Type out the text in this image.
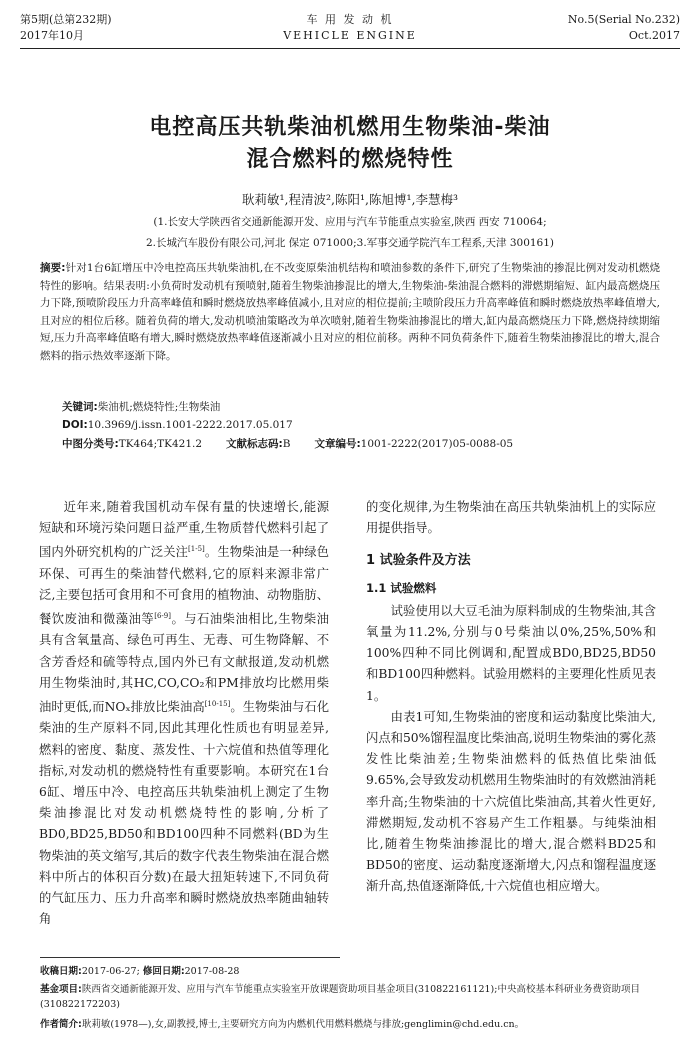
第5期(总第232期)
2017年10月
车 用 发 动 机
VEHICLE ENGINE
No.5(Serial No.232)
Oct.2017
电控高压共轨柴油机燃用生物柴油-柴油
混合燃料的燃烧特性
耿莉敏¹,程清波²,陈阳¹,陈旭博¹,李慧梅³
(1.长安大学陕西省交通新能源开发、应用与汽车节能重点实验室,陕西 西安 710064;
2.长城汽车股份有限公司,河北 保定 071000;3.军事交通学院汽车工程系,天津 300161)
摘要:针对1台6缸增压中冷电控高压共轨柴油机,在不改变原柴油机结构和喷油参数的条件下,研究了生物柴油的掺混比例对发动机燃烧特性的影响。结果表明:小负荷时发动机有预喷射,随着生物柴油掺混比的增大,生物柴油-柴油混合燃料的滞燃期缩短、缸内最高燃烧压力下降,预喷阶段压力升高率峰值和瞬时燃烧放热率峰值减小,且对应的相位提前;主喷阶段压力升高率峰值和瞬时燃烧放热率峰值增大,且对应的相位后移。随着负荷的增大,发动机喷油策略改为单次喷射,随着生物柴油掺混比的增大,缸内最高燃烧压力下降,燃烧持续期缩短,压力升高率峰值略有增大,瞬时燃烧放热率峰值逐渐减小且对应的相位前移。两种不同负荷条件下,随着生物柴油掺混比的增大,混合燃料的指示热效率逐渐下降。
关键词:柴油机;燃烧特性;生物柴油
DOI:10.3969/j.issn.1001-2222.2017.05.017
中图分类号:TK464;TK421.2 文献标志码:B 文章编号:1001-2222(2017)05-0088-05

近年来,随着我国机动车保有量的快速增长,能源短缺和环境污染问题日益严重,生物质替代燃料引起了国内外研究机构的广泛关注[1-5]。生物柴油是一种绿色环保、可再生的柴油替代燃料,它的原料来源非常广泛,主要包括可食用和不可食用的植物油、动物脂肪、餐饮废油和微藻油等[6-9]。与石油柴油相比,生物柴油具有含氧量高、绿色可再生、无毒、可生物降解、不含芳香烃和硫等特点,国内外已有文献报道,发动机燃用生物柴油时,其HC,CO,CO₂和PM排放均比燃用柴油时更低,而NOₓ排放比柴油高[10-15]。生物柴油与石化柴油的生产原料不同,因此其理化性质也有明显差异,燃料的密度、黏度、蒸发性、十六烷值和热值等理化指标,对发动机的燃烧特性有重要影响。本研究在1台6缸、增压中冷、电控高压共轨柴油机上测定了生物柴油掺混比对发动机燃烧特性的影响,分析了BD0,BD25,BD50和BD100四种不同燃料(BD为生物柴油的英文缩写,其后的数字代表生物柴油在混合燃料中所占的体积百分数)在最大扭矩转速下,不同负荷的气缸压力、压力升高率和瞬时燃烧放热率随曲轴转角

的变化规律,为生物柴油在高压共轨柴油机上的实际应用提供指导。
1 试验条件及方法
1.1 试验燃料

试验使用以大豆毛油为原料制成的生物柴油,其含氧量为11.2%,分别与0号柴油以0%,25%,50%和100%四种不同比例调和,配置成BD0,BD25,BD50和BD100四种燃料。试验用燃料的主要理化性质见表1。

由表1可知,生物柴油的密度和运动黏度比柴油大,闪点和50%馏程温度比柴油高,说明生物柴油的雾化蒸发性比柴油差;生物柴油燃料的低热值比柴油低9.65%,会导致发动机燃用生物柴油时的有效燃油消耗率升高;生物柴油的十六烷值比柴油高,其着火性更好,滞燃期短,发动机不容易产生工作粗暴。与纯柴油相比,随着生物柴油掺混比的增大,混合燃料BD25和BD50的密度、运动黏度逐渐增大,闪点和馏程温度逐渐升高,热值逐渐降低,十六烷值也相应增大。

收稿日期:2017-06-27; 修回日期:2017-08-28
基金项目:陕西省交通新能源开发、应用与汽车节能重点实验室开放课题资助项目基金项目(310822161121);中央高校基本科研业务费资助项目(310822172203)
作者简介:耿莉敏(1978—),女,副教授,博士,主要研究方向为内燃机代用燃料燃烧与排放;genglimin@chd.edu.cn。
